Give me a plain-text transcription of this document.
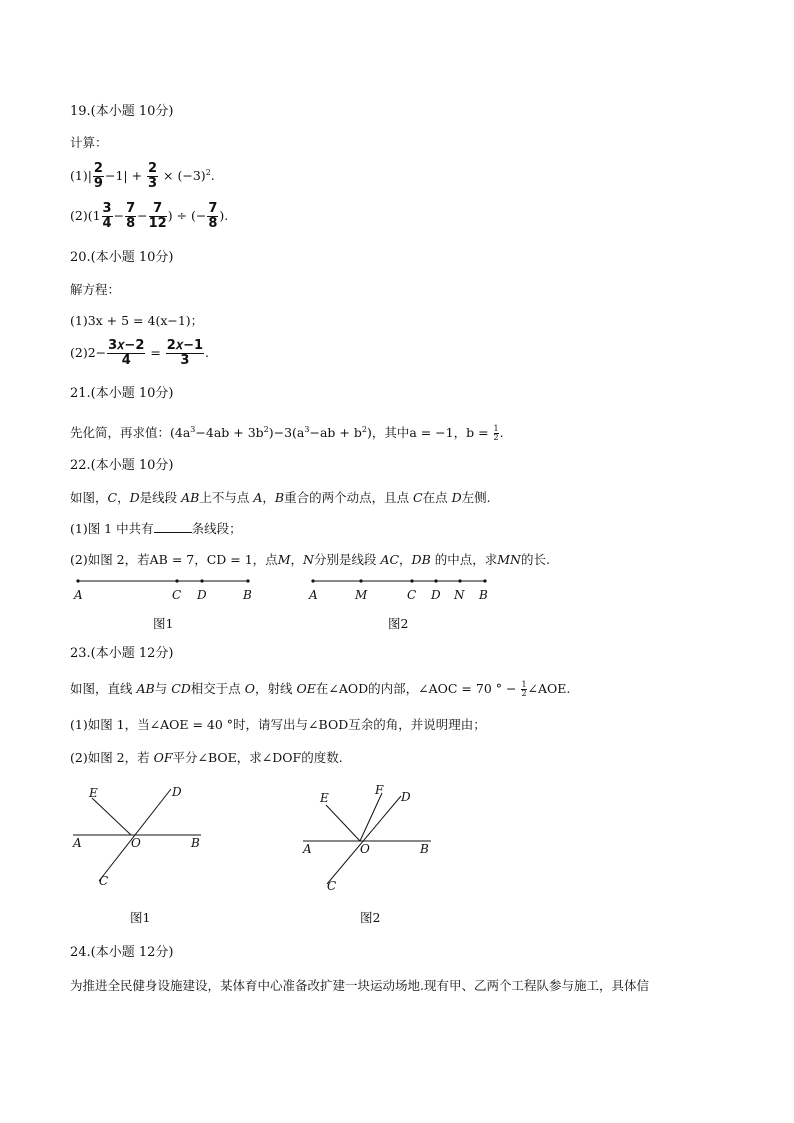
19.(本小题 10分)
计算：
$(1)| \frac{2}{9} -1| + \frac{2}{3} \times (-3)^2$.
$(2)(1 \frac{3}{4} - \frac{7}{8} - \frac{7}{12}$ ) ÷ (− $\frac{7}{8}$ ).
20.(本小题 10分)
解方程：
(1)3x + 5 = 4(x−1)；
$(2)2- \frac{\text{3𝑥−2}}{4} = \frac{\text{2𝑥−1}}{3}$ .
21.(本小题 10分)
先化简，再求值：$(4a^3-4ab + 3b^2)-3(a^3-ab + b^2)$，其中a = −1，$b = \frac{1}{2}$ .
22.(本小题 10分)
如图，C，D是线段 AB上不与点 A，B重合的两个动点，且点 C在点 D左侧.
(1)图 1 中共有	条线段；
(2)如图 2，若AB = 7，CD = 1，点M，N分别是线段 AC，DB 的中点，求MN的长.
A	C D	B
图1
A	M	C D N B
图2
23.(本小题 12分)
如图，直线 AB与 CD相交于点 O，射线 OE在∠AOD的内部，∠AOC = 70 ° − $\frac{1}{2}$ ∠AOE.
(1)如图 1，当∠AOE = 40 °时，请写出与∠BOD互余的角，并说明理由；
(2)如图 2，若 OF平分∠BOE，求∠DOF的度数.
E	D
A	O	B
C
图1
E
F D
A	O	B
C
图2
24.(本小题 12分)
为推进全民健身设施建设，某体育中心准备改扩建一块运动场地.现有甲、乙两个工程队参与施工，具体信
